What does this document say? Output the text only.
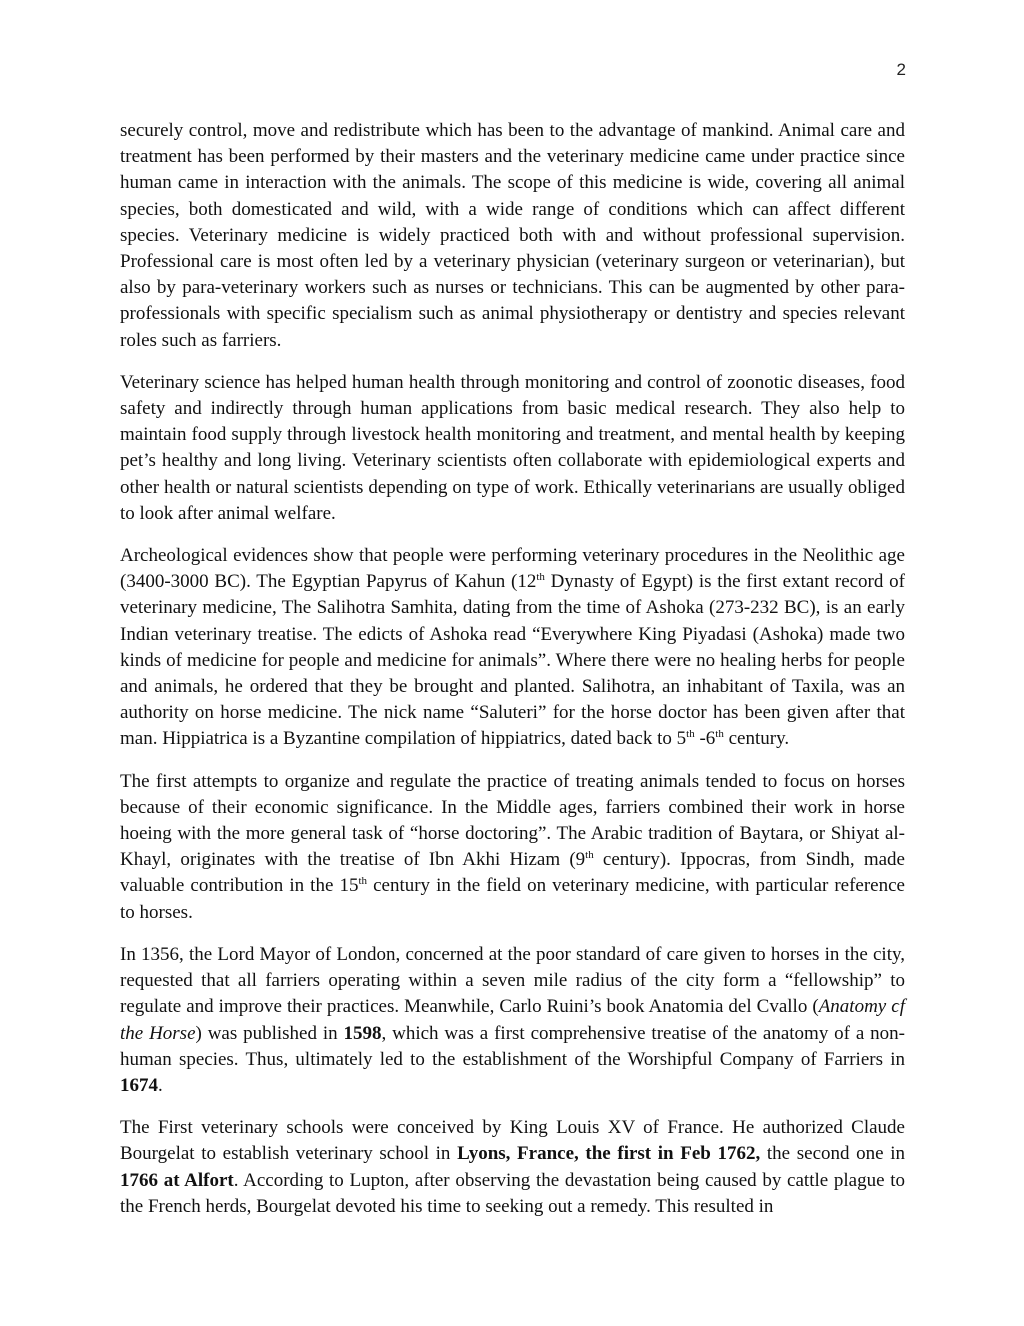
2

securely control, move and redistribute which has been to the advantage of mankind. Animal care and treatment has been performed by their masters and the veterinary medicine came under practice since human came in interaction with the animals. The scope of this medicine is wide, covering all animal species, both domesticated and wild, with a wide range of conditions which can affect different species. Veterinary medicine is widely practiced both with and without professional supervision. Professional care is most often led by a veterinary physician (veterinary surgeon or veterinarian), but also by para-veterinary workers such as nurses or technicians. This can be augmented by other para-professionals with specific specialism such as animal physiotherapy or dentistry and species relevant roles such as farriers.

Veterinary science has helped human health through monitoring and control of zoonotic diseases, food safety and indirectly through human applications from basic medical research. They also help to maintain food supply through livestock health monitoring and treatment, and mental health by keeping pet’s healthy and long living. Veterinary scientists often collaborate with epidemiological experts and other health or natural scientists depending on type of work. Ethically veterinarians are usually obliged to look after animal welfare.

Archeological evidences show that people were performing veterinary procedures in the Neolithic age (3400-3000 BC). The Egyptian Papyrus of Kahun (12th Dynasty of Egypt) is the first extant record of veterinary medicine, The Salihotra Samhita, dating from the time of Ashoka (273-232 BC), is an early Indian veterinary treatise. The edicts of Ashoka read “Everywhere King Piyadasi (Ashoka) made two kinds of medicine for people and medicine for animals”. Where there were no healing herbs for people and animals, he ordered that they be brought and planted. Salihotra, an inhabitant of Taxila, was an authority on horse medicine. The nick name “Saluteri” for the horse doctor has been given after that man. Hippiatrica is a Byzantine compilation of hippiatrics, dated back to 5th -6th century.

The first attempts to organize and regulate the practice of treating animals tended to focus on horses because of their economic significance. In the Middle ages, farriers combined their work in horse hoeing with the more general task of “horse doctoring”. The Arabic tradition of Baytara, or Shiyat al-Khayl, originates with the treatise of Ibn Akhi Hizam (9th century). Ippocras, from Sindh, made valuable contribution in the 15th century in the field on veterinary medicine, with particular reference to horses.

In 1356, the Lord Mayor of London, concerned at the poor standard of care given to horses in the city, requested that all farriers operating within a seven mile radius of the city form a “fellowship” to regulate and improve their practices. Meanwhile, Carlo Ruini’s book Anatomia del Cvallo (Anatomy ϲf the Horse) was published in 1598, which was a first comprehensive treatise of the anatomy of a non-human species. Thus, ultimately led to the establishment of the Worshipful Company of Farriers in 1674.

The First veterinary schools were conceived by King Louis XV of France. He authorized Claude Bourgelat to establish veterinary school in Lyons, France, the first in Feb 1762, the second one in 1766 at Alfort. According to Lupton, after observing the devastation being caused by cattle plague to the French herds, Bourgelat devoted his time to seeking out a remedy. This resulted in
